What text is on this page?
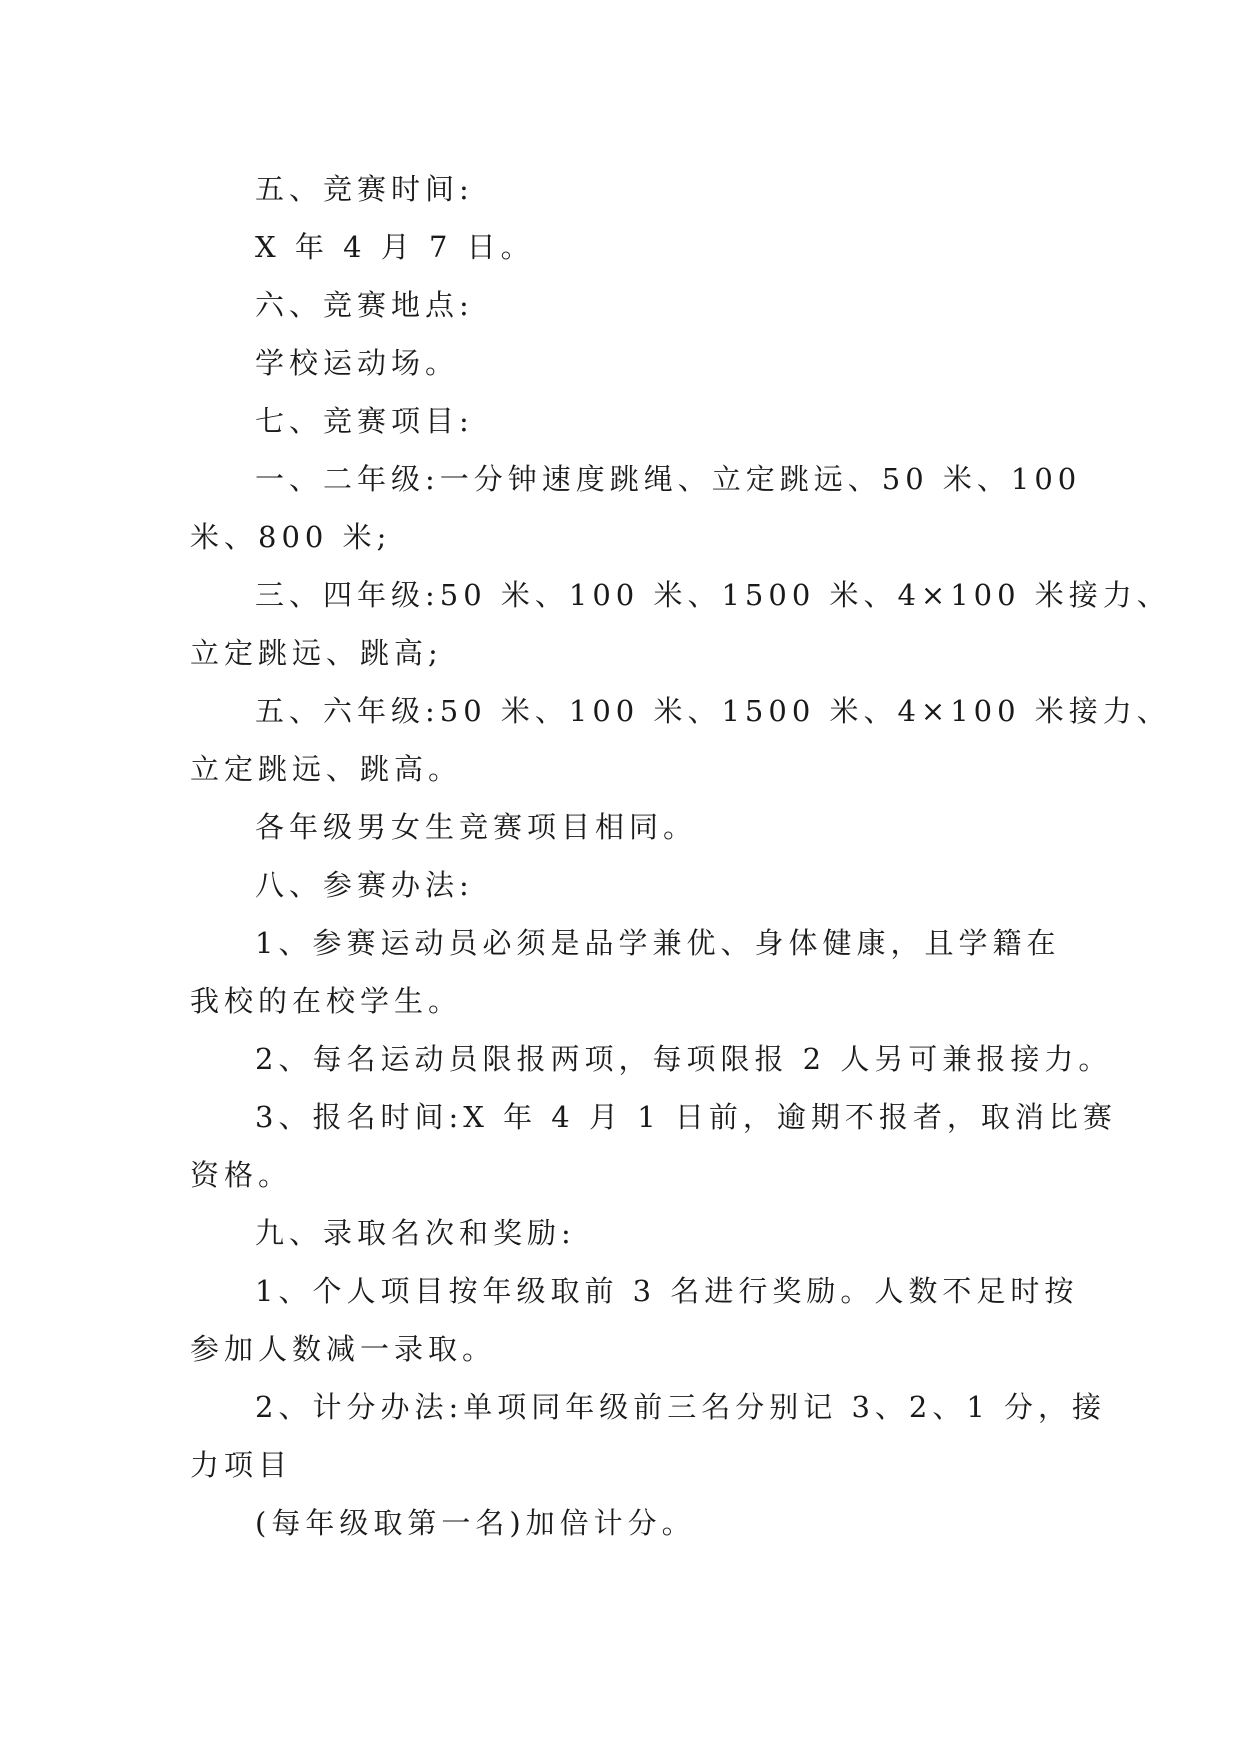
五、竞赛时间:
X 年 4 月 7 日。
六、竞赛地点:
学校运动场。
七、竞赛项目:
一、二年级:一分钟速度跳绳、立定跳远、50 米、100
米、800 米;
三、四年级:50 米、100 米、1500 米、4×100 米接力、
立定跳远、跳高;
五、六年级:50 米、100 米、1500 米、4×100 米接力、
立定跳远、跳高。
各年级男女生竞赛项目相同。
八、参赛办法:
1、参赛运动员必须是品学兼优、身体健康，且学籍在
我校的在校学生。
2、每名运动员限报两项，每项限报 2 人另可兼报接力。
3、报名时间:X 年 4 月 1 日前，逾期不报者，取消比赛
资格。
九、录取名次和奖励:
1、个人项目按年级取前 3 名进行奖励。人数不足时按
参加人数减一录取。
2、计分办法:单项同年级前三名分别记 3、2、1 分，接
力项目
(每年级取第一名)加倍计分。
